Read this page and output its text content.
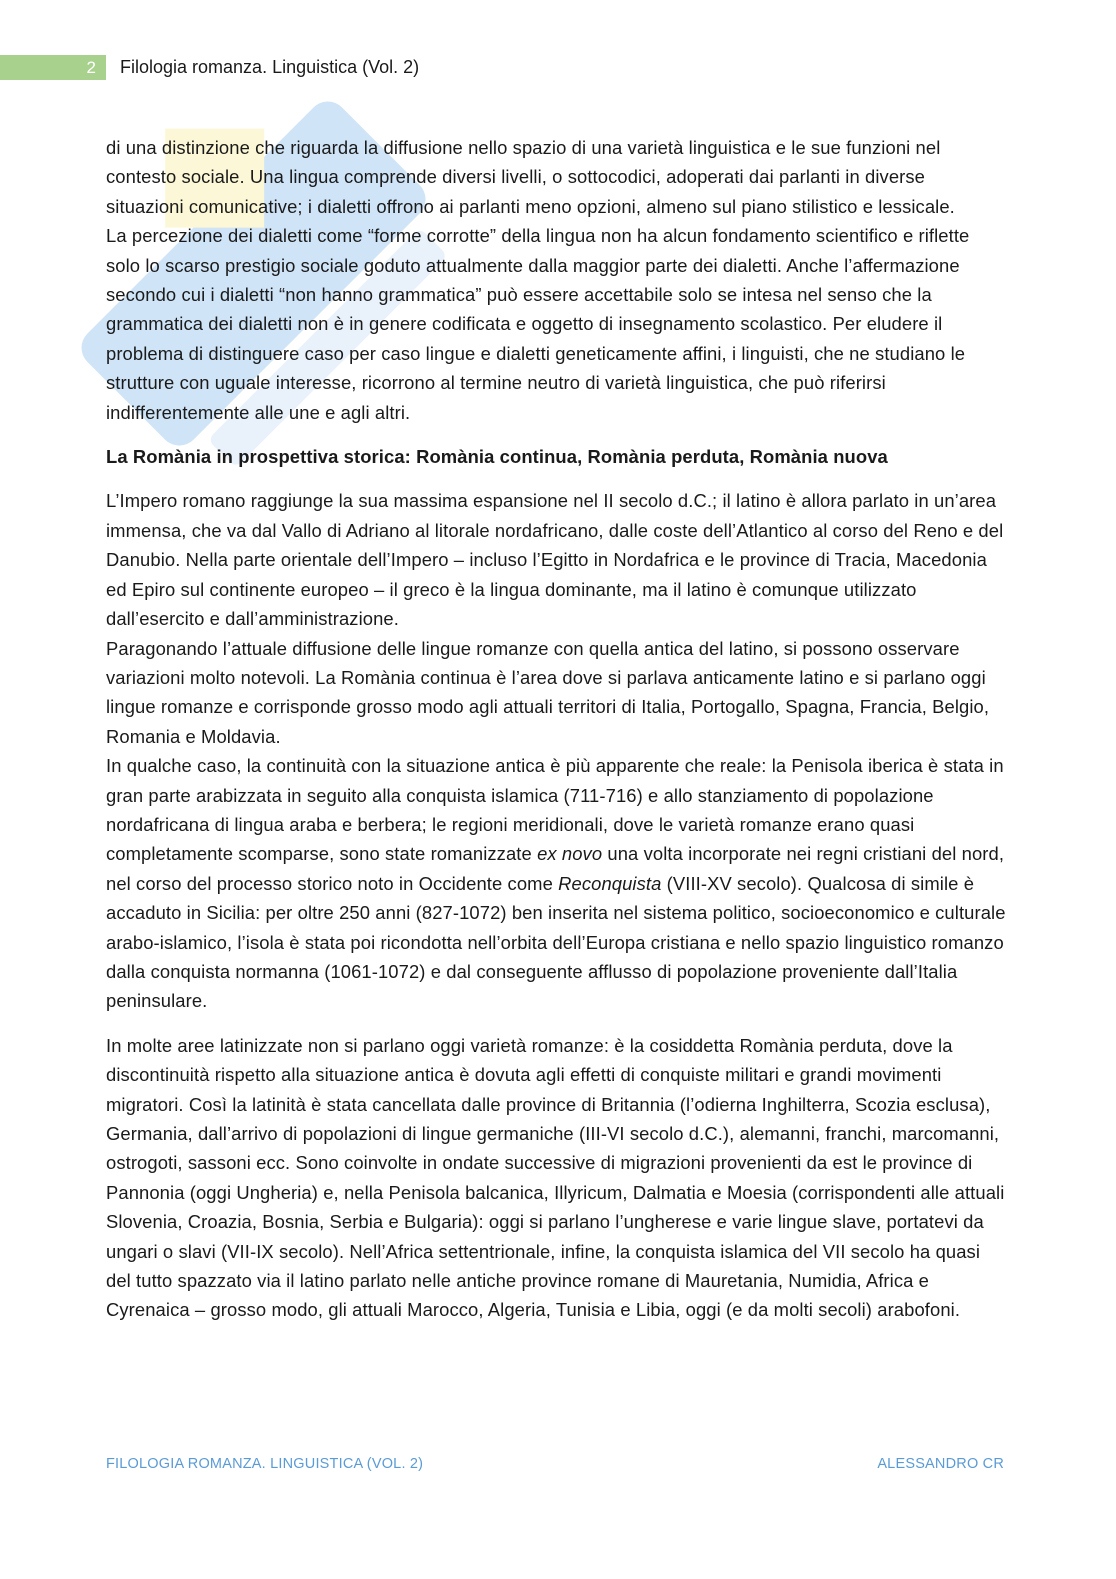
2	Filologia romanza. Linguistica (Vol. 2)

di una distinzione che riguarda la diffusione nello spazio di una varietà linguistica e le sue funzioni nel contesto sociale. Una lingua comprende diversi livelli, o sottocodici, adoperati dai parlanti in diverse situazioni comunicative; i dialetti offrono ai parlanti meno opzioni, almeno sul piano stilistico e lessicale.

La percezione dei dialetti come “forme corrotte” della lingua non ha alcun fondamento scientifico e riflette solo lo scarso prestigio sociale goduto attualmente dalla maggior parte dei dialetti. Anche l’affermazione secondo cui i dialetti “non hanno grammatica” può essere accettabile solo se intesa nel senso che la grammatica dei dialetti non è in genere codificata e oggetto di insegnamento scolastico. Per eludere il problema di distinguere caso per caso lingue e dialetti geneticamente affini, i linguisti, che ne studiano le strutture con uguale interesse, ricorrono al termine neutro di varietà linguistica, che può riferirsi indifferentemente alle une e agli altri.

La Romània in prospettiva storica: Romània continua, Romània perduta, Romània nuova

L’Impero romano raggiunge la sua massima espansione nel II secolo d.C.; il latino è allora parlato in un’area immensa, che va dal Vallo di Adriano al litorale nordafricano, dalle coste dell’Atlantico al corso del Reno e del Danubio. Nella parte orientale dell’Impero – incluso l’Egitto in Nordafrica e le province di Tracia, Macedonia ed Epiro sul continente europeo – il greco è la lingua dominante, ma il latino è comunque utilizzato dall’esercito e dall’amministrazione.

Paragonando l’attuale diffusione delle lingue romanze con quella antica del latino, si possono osservare variazioni molto notevoli. La Romània continua è l’area dove si parlava anticamente latino e si parlano oggi lingue romanze e corrisponde grosso modo agli attuali territori di Italia, Portogallo, Spagna, Francia, Belgio, Romania e Moldavia.

In qualche caso, la continuità con la situazione antica è più apparente che reale: la Penisola iberica è stata in gran parte arabizzata in seguito alla conquista islamica (711-716) e allo stanziamento di popolazione nordafricana di lingua araba e berbera; le regioni meridionali, dove le varietà romanze erano quasi completamente scomparse, sono state romanizzate ex novo una volta incorporate nei regni cristiani del nord, nel corso del processo storico noto in Occidente come Reconquista (VIII-XV secolo). Qualcosa di simile è accaduto in Sicilia: per oltre 250 anni (827-1072) ben inserita nel sistema politico, socioeconomico e culturale arabo-islamico, l’isola è stata poi ricondotta nell’orbita dell’Europa cristiana e nello spazio linguistico romanzo dalla conquista normanna (1061-1072) e dal conseguente afflusso di popolazione proveniente dall’Italia peninsulare.

In molte aree latinizzate non si parlano oggi varietà romanze: è la cosiddetta Romània perduta, dove la discontinuità rispetto alla situazione antica è dovuta agli effetti di conquiste militari e grandi movimenti migratori. Così la latinità è stata cancellata dalle province di Britannia (l’odierna Inghilterra, Scozia esclusa), Germania, dall’arrivo di popolazioni di lingue germaniche (III-VI secolo d.C.), alemanni, franchi, marcomanni, ostrogoti, sassoni ecc. Sono coinvolte in ondate successive di migrazioni provenienti da est le province di Pannonia (oggi Ungheria) e, nella Penisola balcanica, Illyricum, Dalmatia e Moesia (corrispondenti alle attuali Slovenia, Croazia, Bosnia, Serbia e Bulgaria): oggi si parlano l’ungherese e varie lingue slave, portatevi da ungari o slavi (VII-IX secolo). Nell’Africa settentrionale, infine, la conquista islamica del VII secolo ha quasi del tutto spazzato via il latino parlato nelle antiche province romane di Mauretania, Numidia, Africa e Cyrenaica – grosso modo, gli attuali Marocco, Algeria, Tunisia e Libia, oggi (e da molti secoli) arabofoni.

FILOLOGIA ROMANZA. LINGUISTICA (VOL. 2)	ALESSANDRO CR
